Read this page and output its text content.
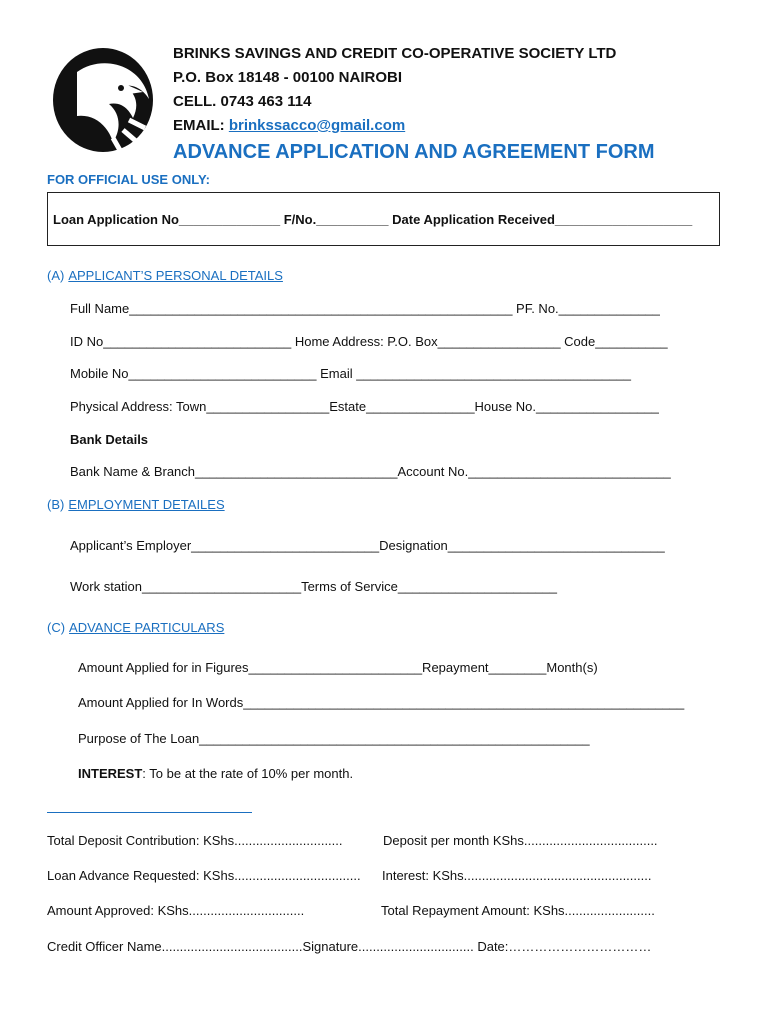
BRINKS SAVINGS AND CREDIT CO-OPERATIVE SOCIETY LTD
P.O. Box 18148 - 00100 NAIROBI
CELL. 0743 463 114
EMAIL: brinkssacco@gmail.com
ADVANCE APPLICATION AND AGREEMENT FORM
FOR OFFICIAL USE ONLY:
Loan Application No______________ F/No.__________ Date Application Received___________________
(A) APPLICANT’S PERSONAL DETAILS
Full Name_____________________________________________________ PF. No.______________
ID No__________________________ Home Address: P.O. Box_________________ Code__________
Mobile No__________________________ Email ______________________________________
Physical Address: Town_________________Estate_______________House No._________________
Bank Details
Bank Name & Branch____________________________Account No.____________________________
(B) EMPLOYMENT DETAILES
Applicant’s Employer__________________________Designation______________________________
Work station______________________Terms of Service______________________
(C) ADVANCE PARTICULARS
Amount Applied for in Figures________________________Repayment________Month(s)
Amount Applied for In Words_____________________________________________________________
Purpose of The Loan______________________________________________________
INTEREST: To be at the rate of 10% per month.
Total Deposit Contribution: KShs..............................	Deposit per month KShs.....................................
Loan Advance Requested: KShs................................... Interest: KShs....................................................
Amount Approved: KShs................................	Total Repayment Amount: KShs.........................
Credit Officer Name.......................................Signature................................ Date:……………………………
